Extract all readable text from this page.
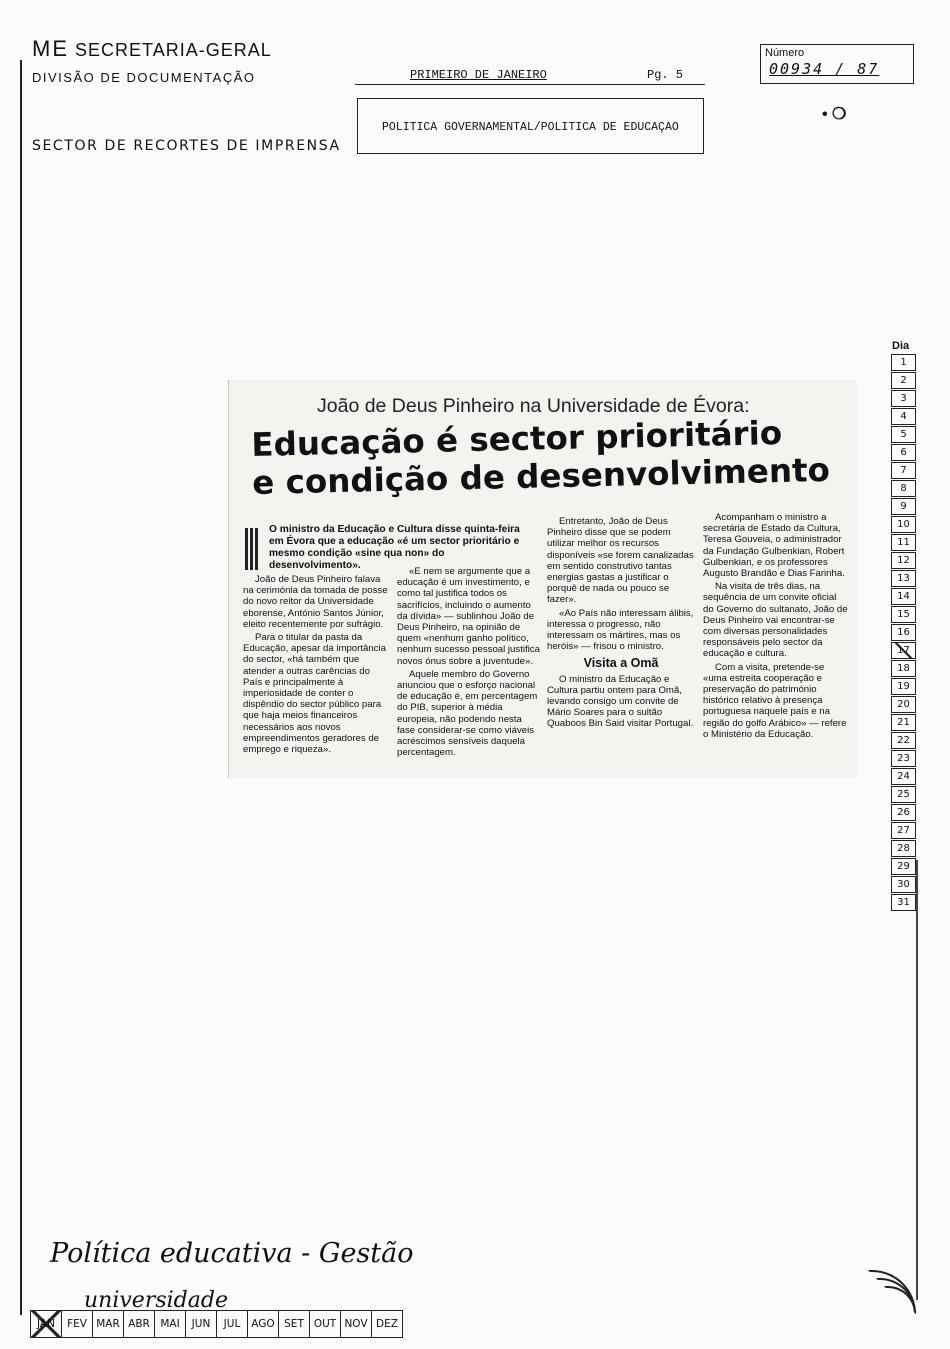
ME SECRETARIA-GERAL
DIVISÃO DE DOCUMENTAÇÃO
SECTOR DE RECORTES DE IMPRENSA
PRIMEIRO DE JANEIRO	Pg. 5
POLITICA GOVERNAMENTAL/POLITICA DE EDUCAÇAO
Número
00934 / 87
• ❍
Dia
1
2
3
4
5
6
7
8
9
10
11
12
13
14
15
16
17
18
19
20
21
22
23
24
25
26
27
28
29
30
31
João de Deus Pinheiro na Universidade de Évora:
Educação é sector prioritário
e condição de desenvolvimento
O ministro da Educação e Cultura disse quinta-feira em Évora que a educação «é um sector prioritário e mesmo condição «sine qua non» do desenvolvimento».

João de Deus Pinheiro falava na cerimónia da tomada de posse do novo reitor da Universidade eborense, António Santos Júnior, eleito recentemente por sufrágio.

Para o titular da pasta da Educação, apesar da importância do sector, «há também que atender a outras carências do País e principalmente à imperiosidade de conter o dispêndio do sector público para que haja meios financeiros necessários aos novos empreendimentos geradores de emprego e riqueza».

«E nem se argumente que a educação é um investimento, e como tal justifica todos os sacrifícios, incluindo o aumento da dívida» — sublinhou João de Deus Pinheiro, na opinião de quem «nenhum ganho político, nenhum sucesso pessoal justifica novos ónus sobre a juventude».

Aquele membro do Governo anunciou que o esforço nacional de educação é, em percentagem do PIB, superior à média europeia, não podendo nesta fase considerar-se como viáveis acréscimos sensíveis daquela percentagem.

Entretanto, João de Deus Pinheiro disse que se podem utilizar melhor os recursos disponíveis «se forem canalizadas em sentido construtivo tantas energias gastas a justificar o porquê de nada ou pouco se fazer».

«Ao País não interessam álibis, interessa o progresso, não interessam os mártires, mas os heróis» — frisou o ministro.

Visita a Omã

O ministro da Educação e Cultura partiu ontem para Omã, levando consigo um convite de Mário Soares para o sultão Quaboos Bin Said visitar Portugal.

Acompanham o ministro a secretária de Estado da Cultura, Teresa Gouveia, o administrador da Fundação Gulbenkian, Robert Gulbenkian, e os professores Augusto Brandão e Dias Farinha.

Na visita de três dias, na sequência de um convite oficial do Governo do sultanato, João de Deus Pinheiro vai encontrar-se com diversas personalidades responsáveis pelo sector da educação e cultura.

Com a visita, pretende-se «uma estreita cooperação e preservação do património histórico relativo à presença portuguesa naquele país e na região do golfo Arábico» — refere o Ministério da Educação.

Política educativa - Gestão
universidade
JAN	FEV MAR ABR MAI	JUN	JUL	AGO SET OUT NOV DEZ
